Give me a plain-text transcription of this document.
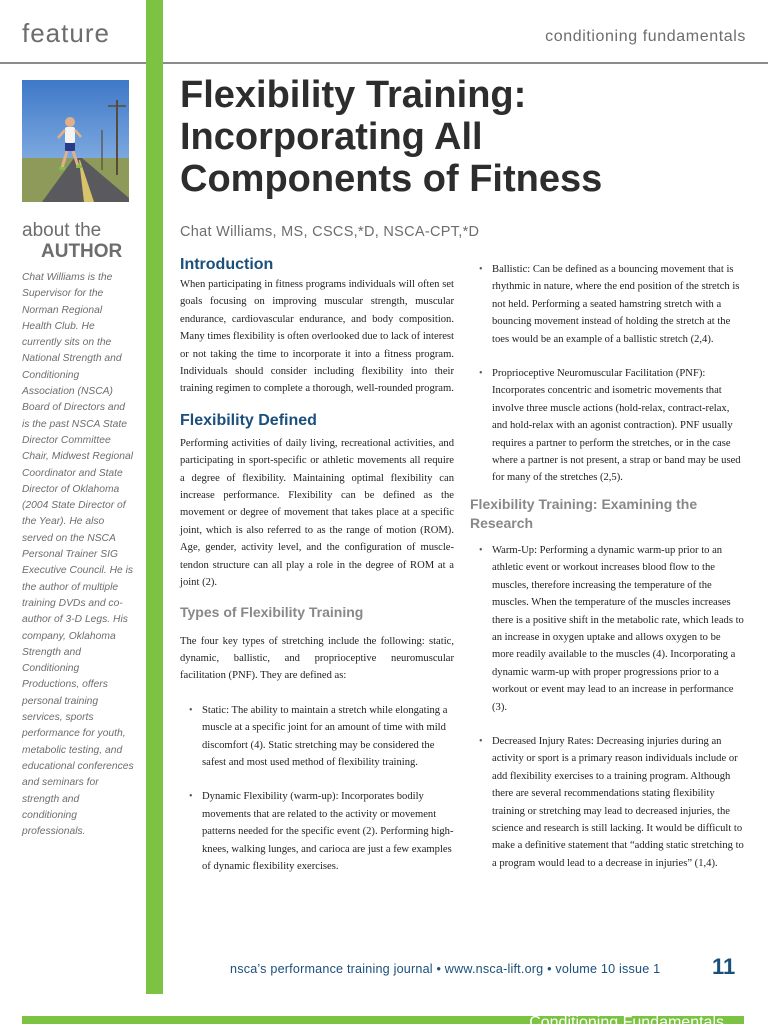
feature	conditioning fundamentals
about the
AUTHOR
Chat Williams is the Supervisor for the Norman Regional Health Club. He currently sits on the National Strength and Conditioning Association (NSCA) Board of Directors and is the past NSCA State Director Committee Chair, Midwest Regional Coordinator and State Director of Oklahoma (2004 State Director of the Year). He also served on the NSCA Personal Trainer SIG Executive Council. He is the author of multiple training DVDs and co-author of 3-D Legs. His company, Oklahoma Strength and Conditioning Productions, offers personal training services, sports performance for youth, metabolic testing, and educational conferences and seminars for strength and conditioning professionals.
Flexibility Training:
Incorporating All
Components of Fitness
Chat Williams, MS, CSCS,*D, NSCA-CPT,*D
Introduction

When participating in fitness programs individuals will often set goals focusing on improving muscular strength, muscular endurance, cardiovascular endurance, and body composition. Many times flexibility is often overlooked due to lack of interest or not taking the time to incorporate it into a fitness program. Individuals should consider including flexibility into their training regimen to complete a thorough, well-rounded program.

Flexibility Defined

Performing activities of daily living, recreational activities, and participating in sport-specific or athletic movements all require a degree of flexibility. Maintaining optimal flexibility can increase performance. Flexibility can be defined as the movement or degree of movement that takes place at a specific joint, which is also referred to as the range of motion (ROM). Age, gender, activity level, and the configuration of muscle-tendon structure can all play a role in the degree of ROM at a joint (2).

Types of Flexibility Training

The four key types of stretching include the following: static, dynamic, ballistic, and proprioceptive neuromuscular facilitation (PNF). They are defined as:

• Static: The ability to maintain a stretch while elongating a muscle at a specific joint for an amount of time with mild discomfort (4). Static stretching may be considered the safest and most used method of flexibility training.

• Dynamic Flexibility (warm-up): Incorporates bodily movements that are related to the activity or movement patterns needed for the specific event (2). Performing high-knees, walking lunges, and carioca are just a few examples of dynamic flexibility exercises.

• Ballistic: Can be defined as a bouncing movement that is rhythmic in nature, where the end position of the stretch is not held. Performing a seated hamstring stretch with a bouncing movement instead of holding the stretch at the toes would be an example of a ballistic stretch (2,4).

• Proprioceptive Neuromuscular Facilitation (PNF): Incorporates concentric and isometric movements that involve three muscle actions (hold-relax, contract-relax, and hold-relax with an agonist contraction). PNF usually requires a partner to perform the stretches, or in the case where a partner is not present, a strap or band may be used for many of the stretches (2,5).

Flexibility Training: Examining the Research

• Warm-Up: Performing a dynamic warm-up prior to an athletic event or workout increases blood flow to the muscles, therefore increasing the temperature of the muscles. When the temperature of the muscles increases there is a positive shift in the metabolic rate, which leads to an increase in oxygen uptake and allows oxygen to be more readily available to the muscles (4). Incorporating a dynamic warm-up with proper progressions prior to a workout or event may lead to an increase in performance (3).

• Decreased Injury Rates: Decreasing injuries during an activity or sport is a primary reason individuals include or add flexibility exercises to a training program. Although there are several recommendations stating flexibility training or stretching may lead to decreased injuries, the science and research is still lacking. It would be difficult to make a definitive statement that “adding static stretching to a program would lead to a decrease in injuries” (1,4).

nsca’s performance training journal • www.nsca-lift.org • volume 10 issue 1 11
Conditioning Fundamentals
